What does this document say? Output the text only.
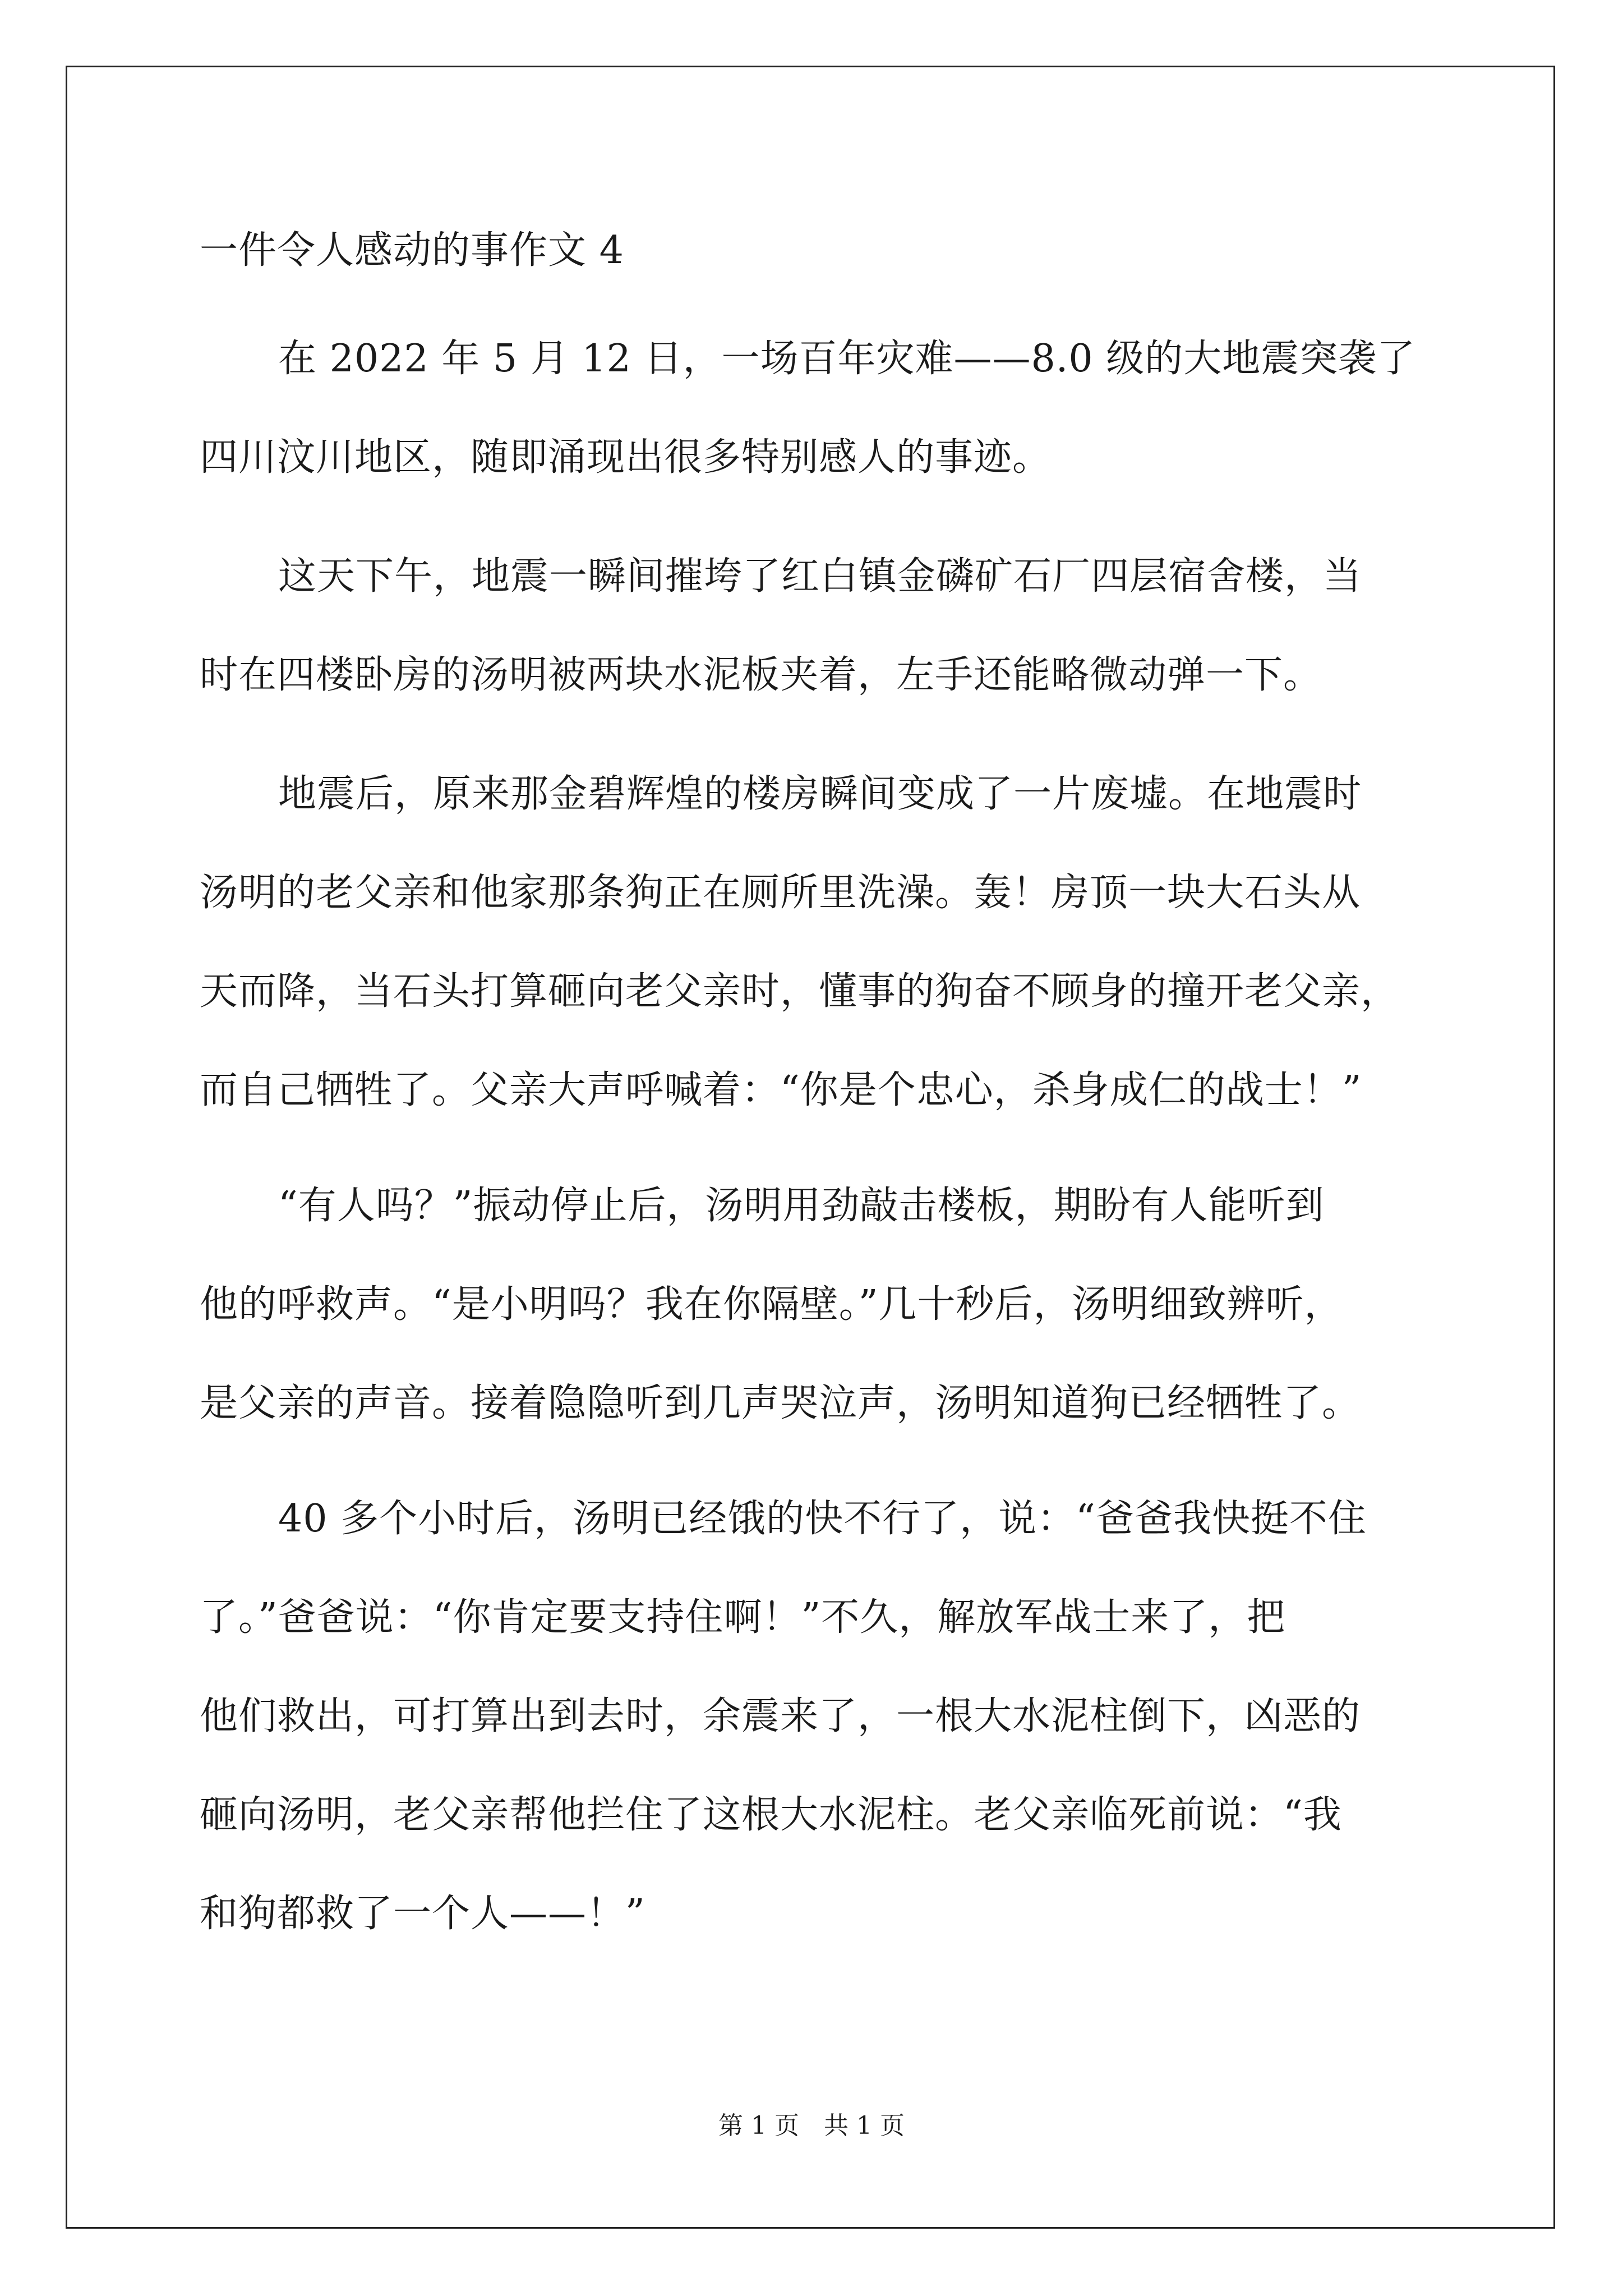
一件令人感动的事作文 4
在 2022 年 5 月 12 日，一场百年灾难——8.0 级的大地震突袭了
四川汶川地区，随即涌现出很多特别感人的事迹。
这天下午，地震一瞬间摧垮了红白镇金磷矿石厂四层宿舍楼，当
时在四楼卧房的汤明被两块水泥板夹着，左手还能略微动弹一下。
地震后，原来那金碧辉煌的楼房瞬间变成了一片废墟。在地震时
汤明的老父亲和他家那条狗正在厕所里洗澡。轰！房顶一块大石头从
天而降，当石头打算砸向老父亲时，懂事的狗奋不顾身的撞开老父亲，
而自己牺牲了。父亲大声呼喊着：“你是个忠心，杀身成仁的战士！”
“有人吗？”振动停止后，汤明用劲敲击楼板，期盼有人能听到
他的呼救声。“是小明吗？我在你隔壁。”几十秒后，汤明细致辨听，
是父亲的声音。接着隐隐听到几声哭泣声，汤明知道狗已经牺牲了。
40 多个小时后，汤明已经饿的快不行了，说：“爸爸我快挺不住
了。”爸爸说：“你肯定要支持住啊！”不久，解放军战士来了，把
他们救出，可打算出到去时，余震来了，一根大水泥柱倒下，凶恶的
砸向汤明，老父亲帮他拦住了这根大水泥柱。老父亲临死前说：“我
和狗都救了一个人——！”
第 1 页　共 1 页
